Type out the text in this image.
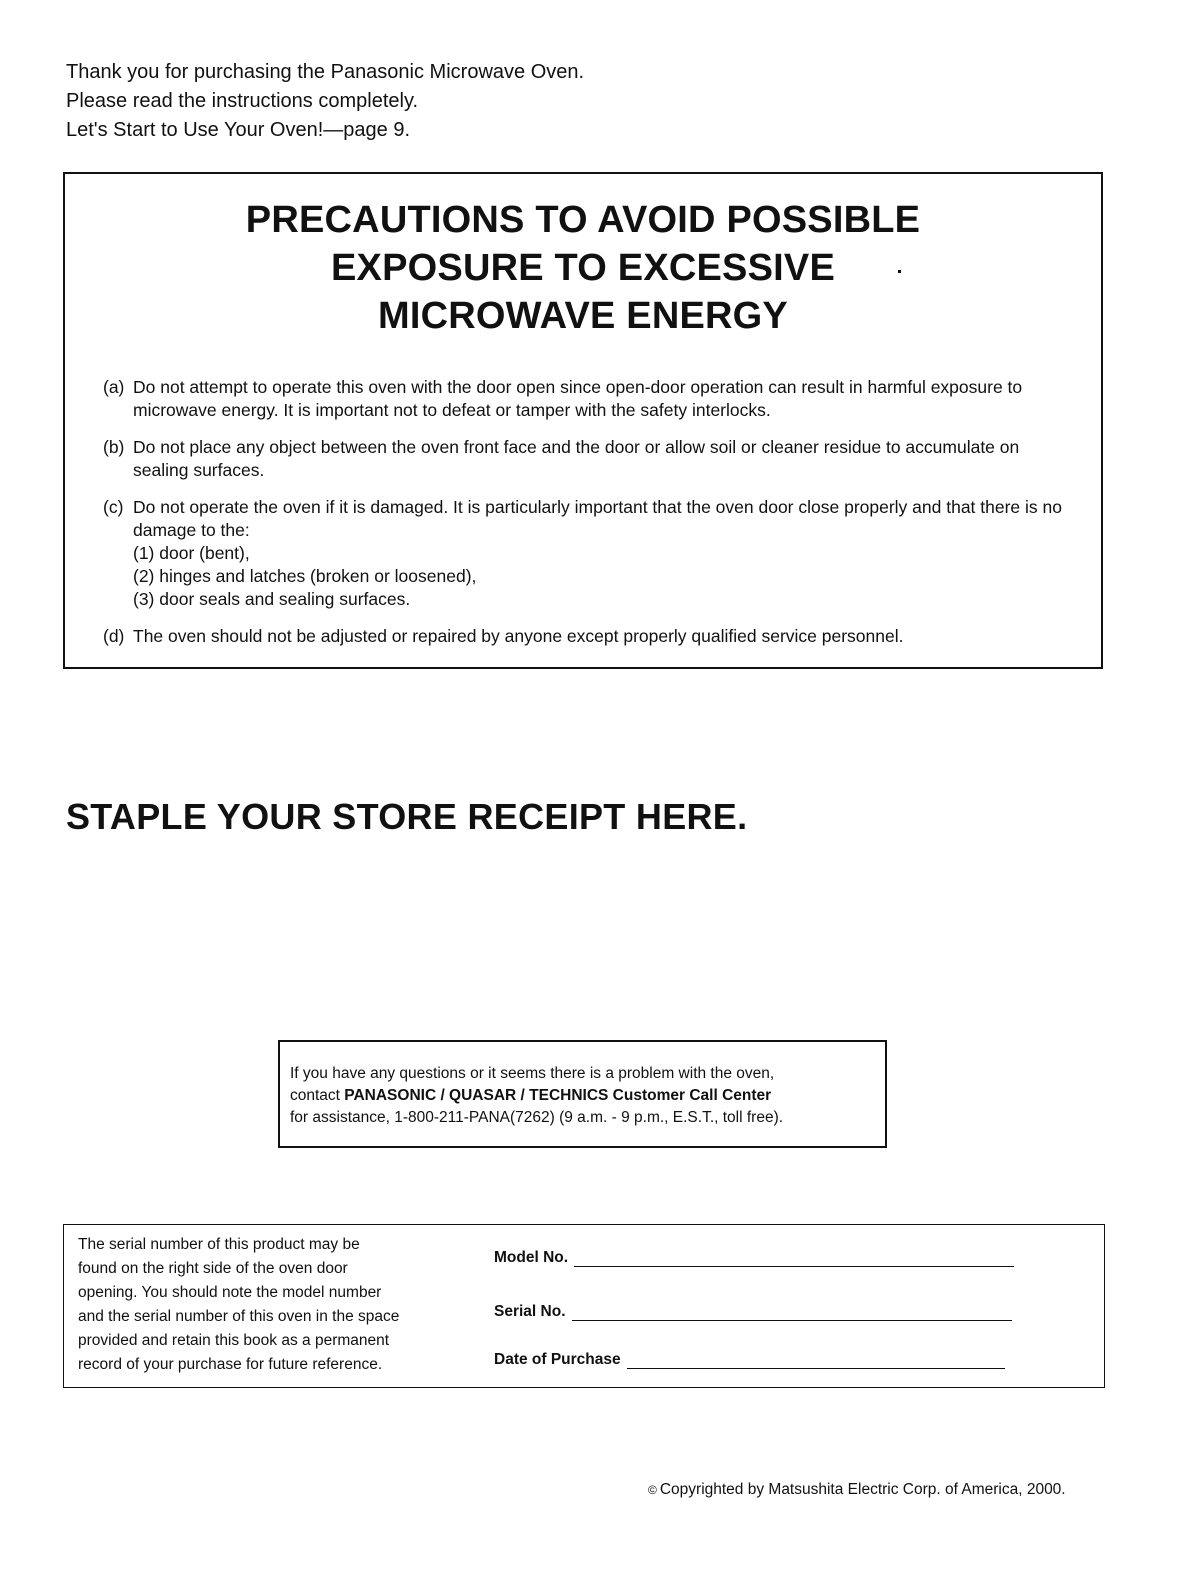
Thank you for purchasing the Panasonic Microwave Oven.
Please read the instructions completely.
Let's Start to Use Your Oven!—page 9.
PRECAUTIONS TO AVOID POSSIBLE
EXPOSURE TO EXCESSIVE
MICROWAVE ENERGY
(a) Do not attempt to operate this oven with the door open since open-door operation can result in harmful exposure to microwave energy. It is important not to defeat or tamper with the safety interlocks.
(b) Do not place any object between the oven front face and the door or allow soil or cleaner residue to accumulate on sealing surfaces.
(c) Do not operate the oven if it is damaged. It is particularly important that the oven door close properly and that there is no damage to the:
(1) door (bent),
(2) hinges and latches (broken or loosened),
(3) door seals and sealing surfaces.
(d) The oven should not be adjusted or repaired by anyone except properly qualified service personnel.
STAPLE YOUR STORE RECEIPT HERE.
If you have any questions or it seems there is a problem with the oven,
contact PANASONIC / QUASAR / TECHNICS Customer Call Center
for assistance, 1-800-211-PANA(7262) (9 a.m. - 9 p.m., E.S.T., toll free).
The serial number of this product may be
found on the right side of the oven door
opening. You should note the model number
and the serial number of this oven in the space
provided and retain this book as a permanent
record of your purchase for future reference.
Model No.
Serial No.
Date of Purchase
© Copyrighted by Matsushita Electric Corp. of America, 2000.
